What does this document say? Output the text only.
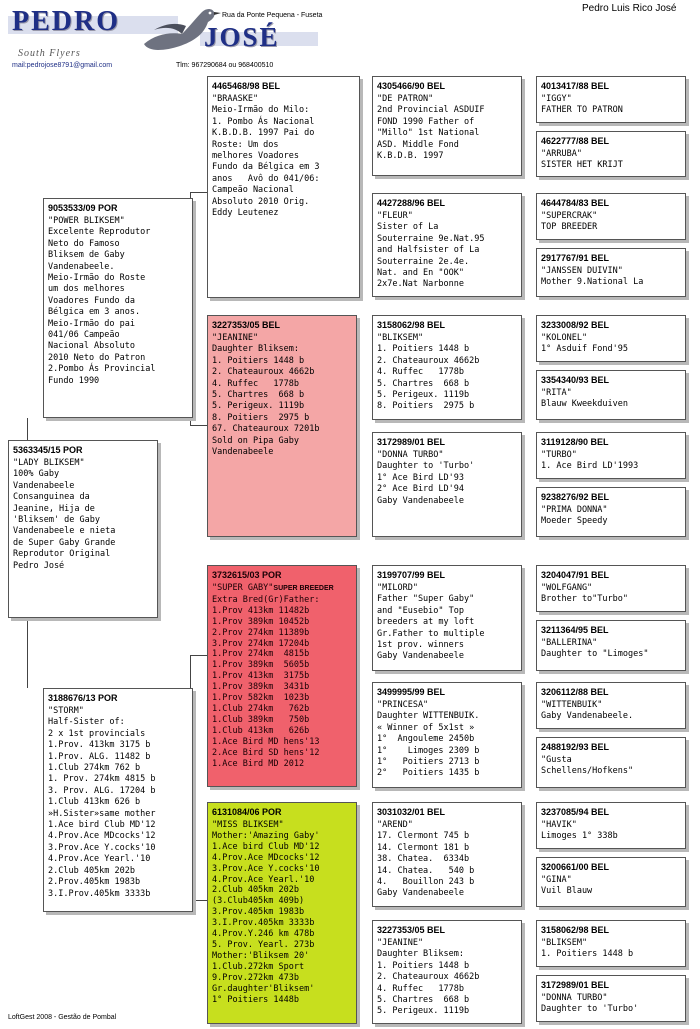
PEDRO	JOSÉ
Rua da Ponte Pequena - Fuseta
South Flyers
mail:pedrojose8791@gmail.com	Tlm: 967290684 ou 968400510
Pedro Luis Rico José
5363345/15 POR
"LADY BLIKSEM"
100% Gaby
Vandenabeele
Consanguinea da
Jeanine, Hija de
'Bliksem' de Gaby
Vandenabeele e nieta
de Super Gaby Grande
Reprodutor Original
Pedro José
9053533/09 POR
"POWER BLIKSEM"
Excelente Reprodutor
Neto do Famoso
Bliksem de Gaby
Vandenabeele.
Meio-Irmão do Roste
um dos melhores
Voadores Fundo da
Bélgica em 3 anos.
Meio-Irmão do pai
041/06 Campeão
Nacional Absoluto
2010 Neto do Patron
2.Pombo Ás Provincial
Fundo 1990
3188676/13 POR
"STORM"
Half-Sister of:
2 x 1st provincials
1.Prov. 413km 3175 b
1.Prov. ALG. 11482 b
1.Club 274km 762 b
1. Prov. 274km 4815 b
3. Prov. ALG. 17204 b
1.Club 413km 626 b
»H.Sister»same mother
1.Ace bird Club MD'12
4.Prov.Ace MDcocks'12
3.Prov.Ace Y.cocks'10
4.Prov.Ace Yearl.'10
2.Club 405km 202b
2.Prov.405km 1983b
3.I.Prov.405km 3333b
4465468/98 BEL
"BRAASKE"
Meio-Irmão do Milo:
1. Pombo Ás Nacional
K.B.D.B. 1997 Pai do
Roste: Um dos
melhores Voadores
Fundo da Bélgica em 3
anos   Avô do 041/06:
Campeão Nacional
Absoluto 2010 Orig.
Eddy Leutenez
3227353/05 BEL
"JEANINE"
Daughter Bliksem:
1. Poitiers 1448 b
2. Chateauroux 4662b
4. Ruffec   1778b
5. Chartres  668 b
5. Perigeux. 1119b
8. Poitiers  2975 b
67. Chateauroux 7201b
Sold on Pipa Gaby
Vandenabeele
3732615/03 POR
"SUPER GABY"SUPER BREEDER
Extra Bred(Gr)Father:
1.Prov 413km 11482b
1.Prov 389km 10452b
2.Prov 274km 11389b
3.Prov 274km 17204b
1.Prov 274km  4815b
1.Prov 389km  5605b
1.Prov 413km  3175b
1.Prov 389km  3431b
1.Prov 582km  1023b
1.Club 274km   762b
1.Club 389km   750b
1.Club 413km   626b
1.Ace Bird MD hens'13
2.Ace Bird SD hens'12
1.Ace Bird MD 2012
6131084/06 POR
"MISS BLIKSEM"
Mother:'Amazing Gaby'
1.Ace bird Club MD'12
4.Prov.Ace MDcocks'12
3.Prov.Ace Y.cocks'10
4.Prov.Ace Yearl.'10
2.Club 405km 202b
(3.Club405km 409b)
3.Prov.405km 1983b
3.I.Prov.405km 3333b
4.Prov.Y.246 km 478b
5. Prov. Yearl. 273b
Mother:'Bliksem 20'
1.Club.272km Sport
9.Prov.272km 473b
Gr.daughter'Bliksem'
1° Poitiers 1448b
4305466/90 BEL
"DE PATRON"
2nd Provincial ASDUIF
FOND 1990 Father of
"Millo" 1st National
ASD. Middle Fond
K.B.D.B. 1997
4427288/96 BEL
"FLEUR"
Sister of La
Souterraine 9e.Nat.95
and Halfsister of La
Souterraine 2e.4e.
Nat. and En "OOK"
2x7e.Nat Narbonne
3158062/98 BEL
"BLIKSEM"
1. Poitiers 1448 b
2. Chateauroux 4662b
4. Ruffec   1778b
5. Chartres  668 b
5. Perigeux. 1119b
8. Poitiers  2975 b
3172989/01 BEL
"DONNA TURBO"
Daughter to 'Turbo'
1° Ace Bird LD'93
2° Ace Bird LD'94
Gaby Vandenabeele
3199707/99 BEL
"MILORD"
Father "Super Gaby"
and "Eusebio" Top
breeders at my loft
Gr.Father to multiple
1st prov. winners
Gaby Vandenabeele
3499995/99 BEL
"PRINCESA"
Daughter WITTENBUIK.
« Winner of 5x1st »
1°  Angouleme 2450b
1°    Limoges 2309 b
1°   Poitiers 2713 b
2°   Poitiers 1435 b
3031032/01 BEL
"AREND"
17. Clermont 745 b
14. Clermont 181 b
38. Chatea.  6334b
14. Chatea.   540 b
4.   Bouillon 243 b
Gaby Vandenabeele
3227353/05 BEL
"JEANINE"
Daughter Bliksem:
1. Poitiers 1448 b
2. Chateauroux 4662b
4. Ruffec   1778b
5. Chartres  668 b
5. Perigeux. 1119b
4013417/88 BEL
"IGGY"
FATHER TO PATRON
4622777/88 BEL
"ARRUBA"
SISTER HET KRIJT
4644784/83 BEL
"SUPERCRAK"
TOP BREEDER
2917767/91 BEL
"JANSSEN DUIVIN"
Mother 9.National La
3233008/92 BEL
"KOLONEL"
1° Asduif Fond'95
3354340/93 BEL
"RITA"
Blauw Kweekduiven
3119128/90 BEL
"TURBO"
1. Ace Bird LD'1993
9238276/92 BEL
"PRIMA DONNA"
Moeder Speedy
3204047/91 BEL
"WOLFGANG"
Brother to"Turbo"
3211364/95 BEL
"BALLERINA"
Daughter to "Limoges"
3206112/88 BEL
"WITTENBUIK"
Gaby Vandenabeele.
2488192/93 BEL
"Gusta
Schellens/Hofkens"
3237085/94 BEL
"HAVIK"
Limoges 1° 338b
3200661/00 BEL
"GINA"
Vuil Blauw
3158062/98 BEL
"BLIKSEM"
1. Poitiers 1448 b
3172989/01 BEL
"DONNA TURBO"
Daughter to 'Turbo'
LoftGest 2008 - Gestão de Pombal
